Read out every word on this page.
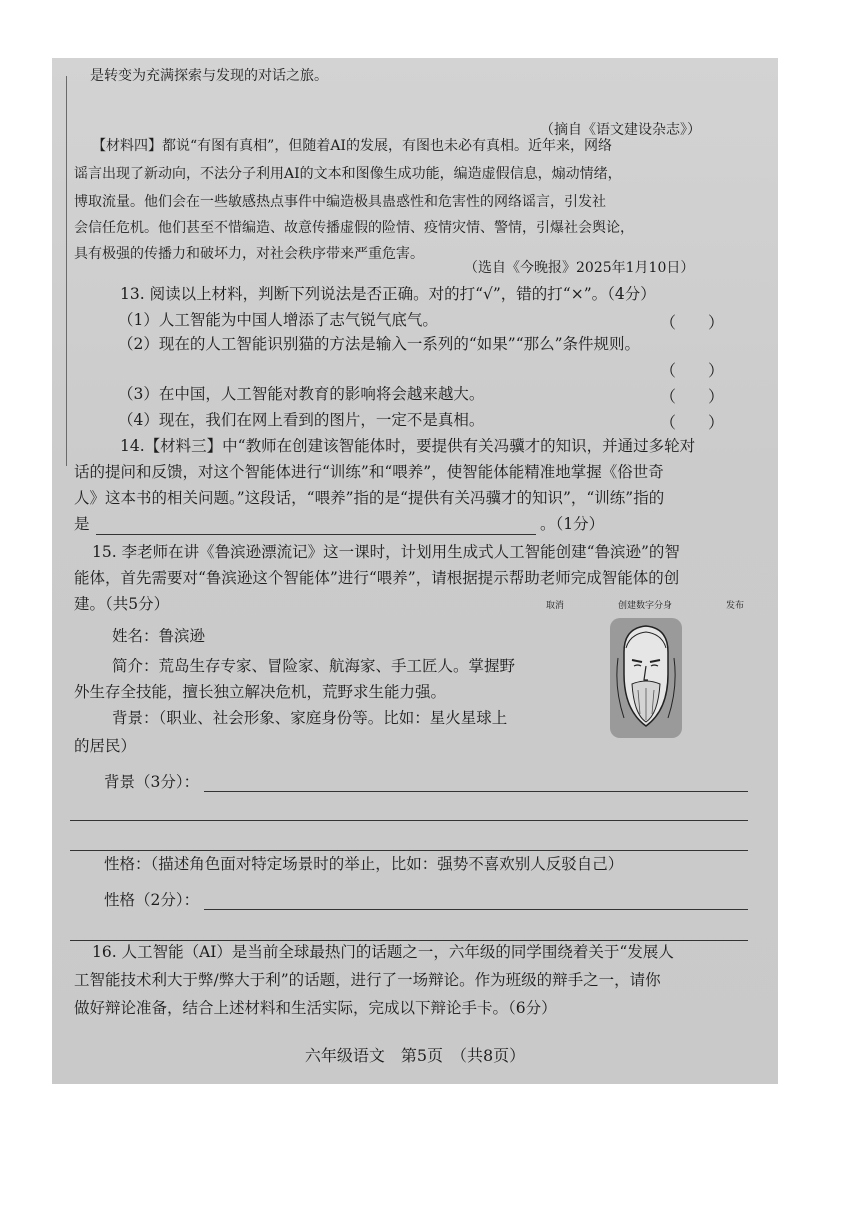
是转变为充满探索与发现的对话之旅。
（摘自《语文建设杂志》）
【材料四】都说“有图有真相”，但随着AI的发展，有图也未必有真相。近年来，网络
谣言出现了新动向，不法分子利用AI的文本和图像生成功能，编造虚假信息，煽动情绪，
博取流量。他们会在一些敏感热点事件中编造极具蛊惑性和危害性的网络谣言，引发社
会信任危机。他们甚至不惜编造、故意传播虚假的险情、疫情灾情、警情，引爆社会舆论，
具有极强的传播力和破坏力，对社会秩序带来严重危害。
（选自《今晚报》2025年1月10日）
13. 阅读以上材料，判断下列说法是否正确。对的打“√”，错的打“×”。（4分）
（1）人工智能为中国人增添了志气锐气底气。	（　　）
（2）现在的人工智能识别猫的方法是输入一系列的“如果”“那么”条件规则。
（　　）
（3）在中国，人工智能对教育的影响将会越来越大。	（　　）
（4）现在，我们在网上看到的图片，一定不是真相。	（　　）
14.【材料三】中“教师在创建该智能体时，要提供有关冯骥才的知识，并通过多轮对
话的提问和反馈，对这个智能体进行“训练”和“喂养”，使智能体能精准地掌握《俗世奇
人》这本书的相关问题。”这段话，“喂养”指的是“提供有关冯骥才的知识”，“训练”指的
是	。（1分）
15. 李老师在讲《鲁滨逊漂流记》这一课时，计划用生成式人工智能创建“鲁滨逊”的智
能体，首先需要对“鲁滨逊这个智能体”进行“喂养”，请根据提示帮助老师完成智能体的创
建。（共5分）
姓名：鲁滨逊
简介：荒岛生存专家、冒险家、航海家、手工匠人。掌握野
外生存全技能，擅长独立解决危机，荒野求生能力强。
背景：（职业、社会形象、家庭身份等。比如：星火星球上
的居民）
取消	创建数字分身	发布
背景（3分）：
性格：（描述角色面对特定场景时的举止，比如：强势不喜欢别人反驳自己）
性格（2分）：
16. 人工智能（AI）是当前全球最热门的话题之一，六年级的同学围绕着关于“发展人
工智能技术利大于弊/弊大于利”的话题，进行了一场辩论。作为班级的辩手之一，请你
做好辩论准备，结合上述材料和生活实际，完成以下辩论手卡。（6分）
六年级语文　第5页　（共8页）
